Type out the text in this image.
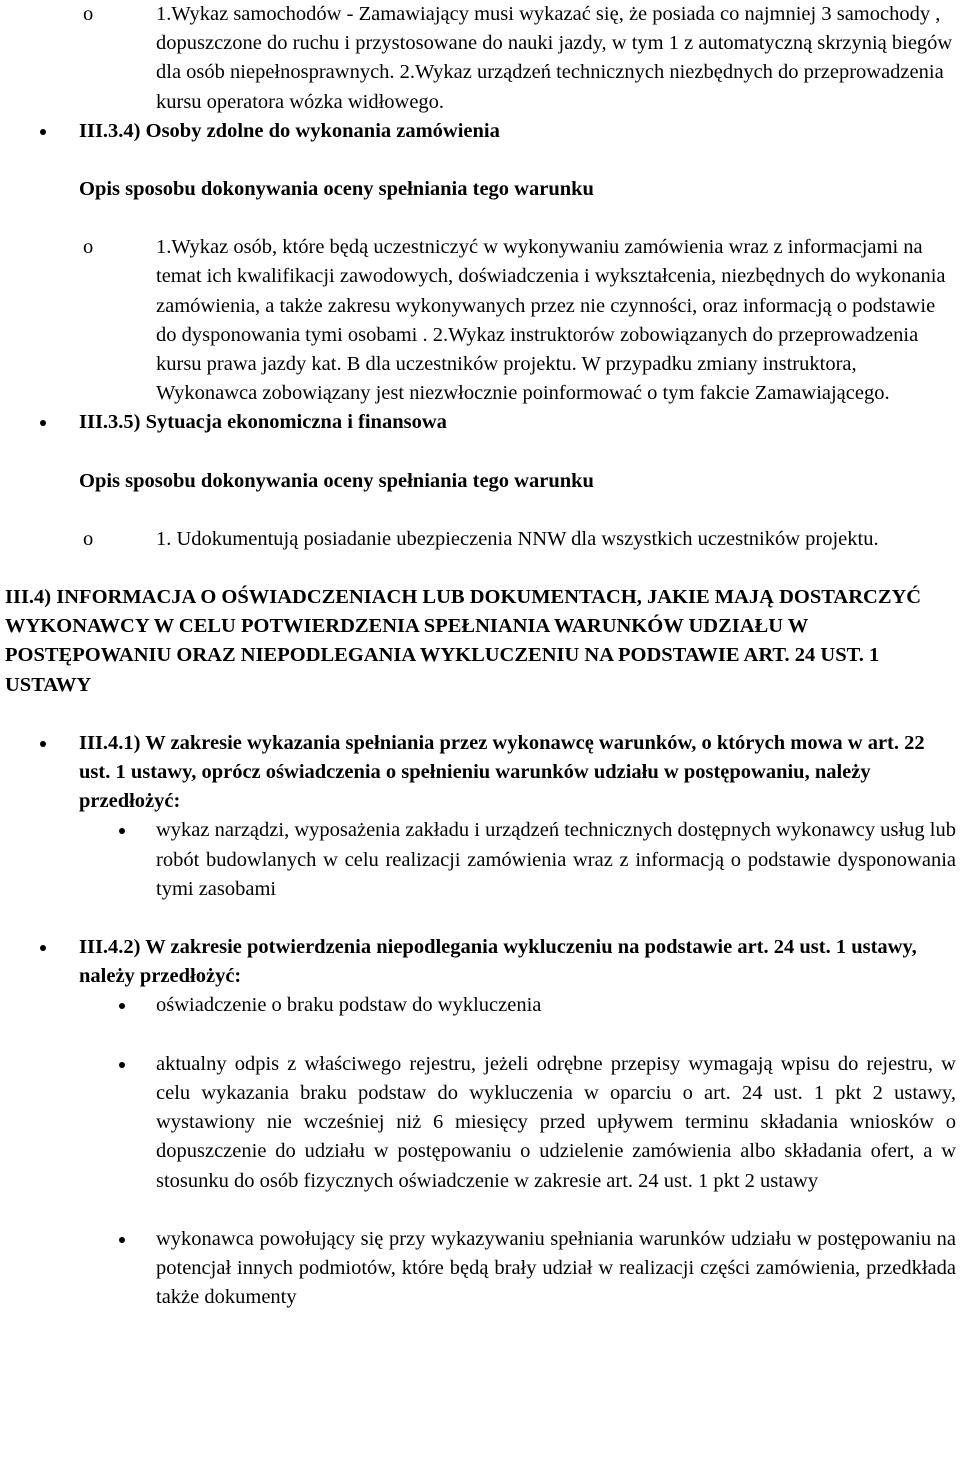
o 1.Wykaz samochodów - Zamawiający musi wykazać się, że posiada co najmniej 3 samochody , dopuszczone do ruchu i przystosowane do nauki jazdy, w tym 1 z automatyczną skrzynią biegów dla osób niepełnosprawnych. 2.Wykaz urządzeń technicznych niezbędnych do przeprowadzenia kursu operatora wózka widłowego.

III.3.4) Osoby zdolne do wykonania zamówienia

Opis sposobu dokonywania oceny spełniania tego warunku

o 1.Wykaz osób, które będą uczestniczyć w wykonywaniu zamówienia wraz z informacjami na temat ich kwalifikacji zawodowych, doświadczenia i wykształcenia, niezbędnych do wykonania zamówienia, a także zakresu wykonywanych przez nie czynności, oraz informacją o podstawie do dysponowania tymi osobami . 2.Wykaz instruktorów zobowiązanych do przeprowadzenia kursu prawa jazdy kat. B dla uczestników projektu. W przypadku zmiany instruktora, Wykonawca zobowiązany jest niezwłocznie poinformować o tym fakcie Zamawiającego.

III.3.5) Sytuacja ekonomiczna i finansowa

Opis sposobu dokonywania oceny spełniania tego warunku

o 1. Udokumentują posiadanie ubezpieczenia NNW dla wszystkich uczestników projektu.

III.4) INFORMACJA O OŚWIADCZENIACH LUB DOKUMENTACH, JAKIE MAJĄ DOSTARCZYĆ WYKONAWCY W CELU POTWIERDZENIA SPEŁNIANIA WARUNKÓW UDZIAŁU W POSTĘPOWANIU ORAZ NIEPODLEGANIA WYKLUCZENIU NA PODSTAWIE ART. 24 UST. 1 USTAWY

III.4.1) W zakresie wykazania spełniania przez wykonawcę warunków, o których mowa w art. 22 ust. 1 ustawy, oprócz oświadczenia o spełnieniu warunków udziału w postępowaniu, należy przedłożyć:

wykaz narządzi, wyposażenia zakładu i urządzeń technicznych dostępnych wykonawcy usług lub robót budowlanych w celu realizacji zamówienia wraz z informacją o podstawie dysponowania tymi zasobami

III.4.2) W zakresie potwierdzenia niepodlegania wykluczeniu na podstawie art. 24 ust. 1 ustawy, należy przedłożyć:

oświadczenie o braku podstaw do wykluczenia

aktualny odpis z właściwego rejestru, jeżeli odrębne przepisy wymagają wpisu do rejestru, w celu wykazania braku podstaw do wykluczenia w oparciu o art. 24 ust. 1 pkt 2 ustawy, wystawiony nie wcześniej niż 6 miesięcy przed upływem terminu składania wniosków o dopuszczenie do udziału w postępowaniu o udzielenie zamówienia albo składania ofert, a w stosunku do osób fizycznych oświadczenie w zakresie art. 24 ust. 1 pkt 2 ustawy

wykonawca powołujący się przy wykazywaniu spełniania warunków udziału w postępowaniu na potencjał innych podmiotów, które będą brały udział w realizacji części zamówienia, przedkłada także dokumenty
